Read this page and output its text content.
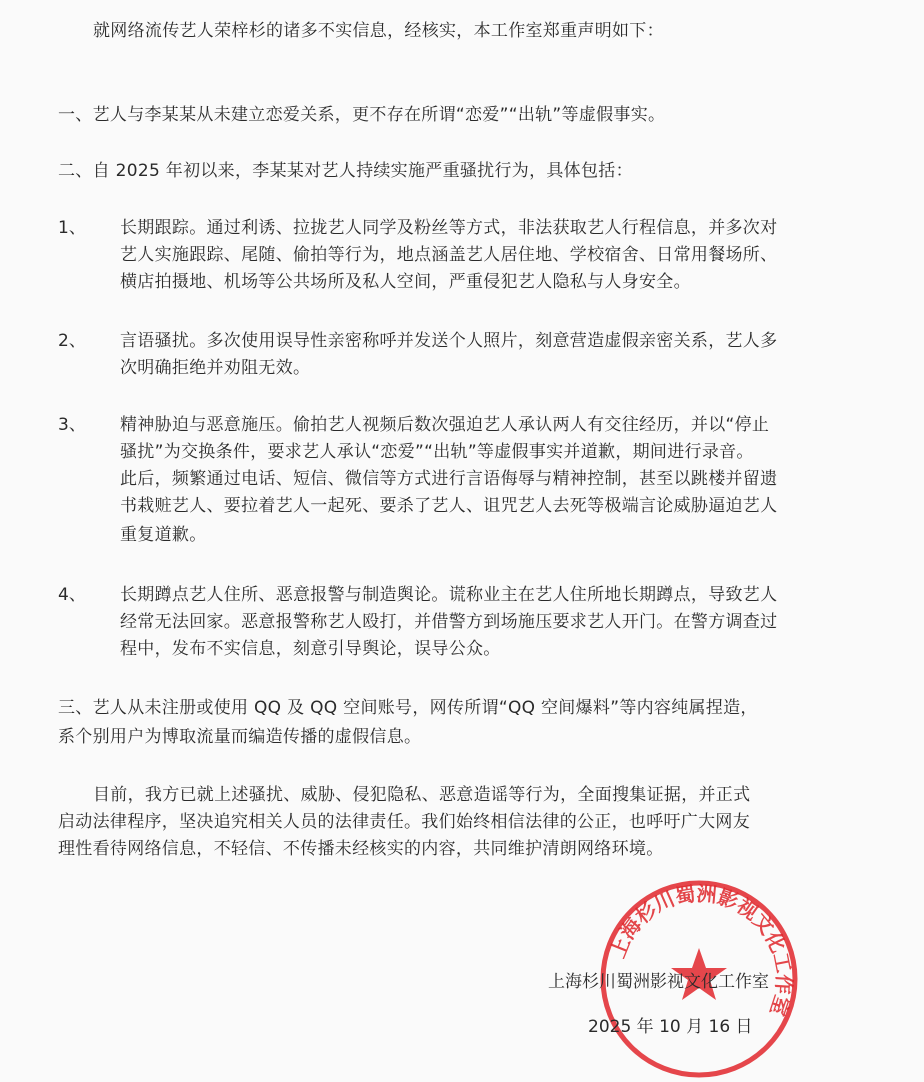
就网络流传艺人荣梓杉的诸多不实信息，经核实，本工作室郑重声明如下：
一、艺人与李某某从未建立恋爱关系，更不存在所谓“恋爱”“出轨”等虚假事实。
二、自 2025 年初以来，李某某对艺人持续实施严重骚扰行为，具体包括：
1、 长期跟踪。通过利诱、拉拢艺人同学及粉丝等方式，非法获取艺人行程信息，并多次对
艺人实施跟踪、尾随、偷拍等行为，地点涵盖艺人居住地、学校宿舍、日常用餐场所、
横店拍摄地、机场等公共场所及私人空间，严重侵犯艺人隐私与人身安全。
2、 言语骚扰。多次使用误导性亲密称呼并发送个人照片，刻意营造虚假亲密关系，艺人多
次明确拒绝并劝阻无效。
3、 精神胁迫与恶意施压。偷拍艺人视频后数次强迫艺人承认两人有交往经历，并以“停止
骚扰”为交换条件，要求艺人承认“恋爱”“出轨”等虚假事实并道歉，期间进行录音。
此后，频繁通过电话、短信、微信等方式进行言语侮辱与精神控制，甚至以跳楼并留遗
书栽赃艺人、要拉着艺人一起死、要杀了艺人、诅咒艺人去死等极端言论威胁逼迫艺人
重复道歉。
4、 长期蹲点艺人住所、恶意报警与制造舆论。谎称业主在艺人住所地长期蹲点，导致艺人
经常无法回家。恶意报警称艺人殴打，并借警方到场施压要求艺人开门。在警方调查过
程中，发布不实信息，刻意引导舆论，误导公众。
三、艺人从未注册或使用 QQ 及 QQ 空间账号，网传所谓“QQ 空间爆料”等内容纯属捏造，
系个别用户为博取流量而编造传播的虚假信息。
目前，我方已就上述骚扰、威胁、侵犯隐私、恶意造谣等行为，全面搜集证据，并正式
启动法律程序，坚决追究相关人员的法律责任。我们始终相信法律的公正，也呼吁广大网友
理性看待网络信息，不轻信、不传播未经核实的内容，共同维护清朗网络环境。
上海杉川蜀洲影视文化工作室
上海杉川蜀洲影视文化工作室
2025 年 10 月 16 日
